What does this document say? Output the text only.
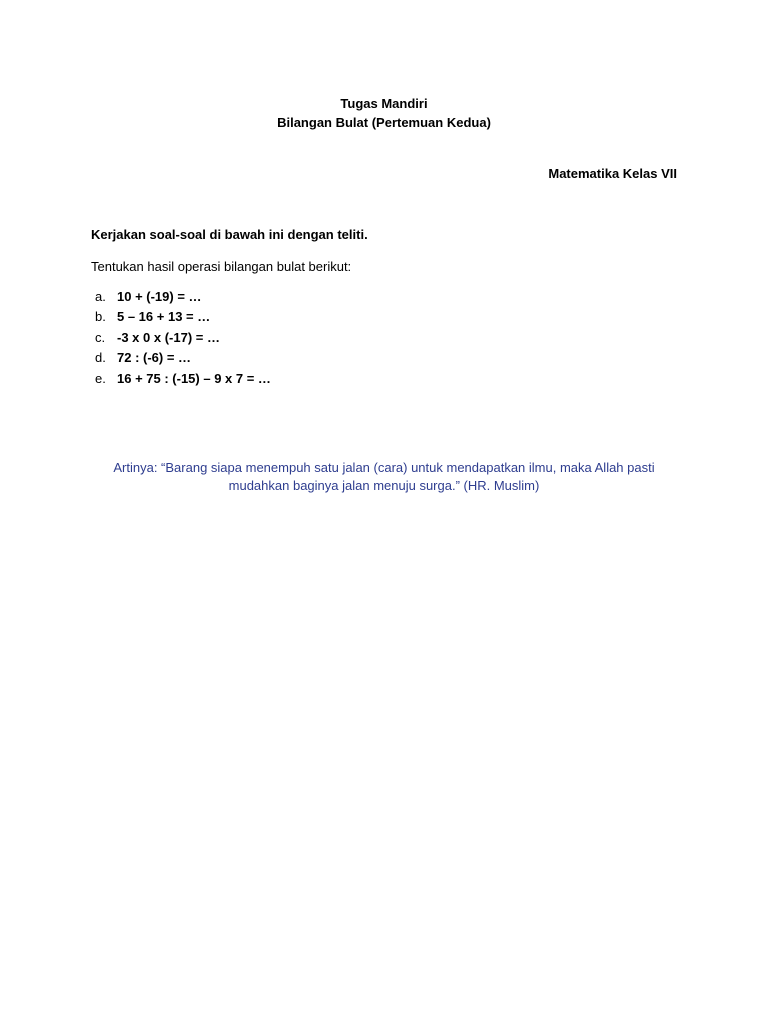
Tugas Mandiri
Bilangan Bulat (Pertemuan Kedua)
Matematika Kelas VII
Kerjakan soal-soal di bawah ini dengan teliti.
Tentukan hasil operasi bilangan bulat berikut:
a. 10 + (-19) = …
b. 5 – 16 + 13 = …
c. -3 x 0 x (-17) = …
d. 72 : (-6) = …
e. 16 + 75 : (-15) – 9 x 7 = …
Artinya: “Barang siapa menempuh satu jalan (cara) untuk mendapatkan ilmu, maka Allah pasti
mudahkan baginya jalan menuju surga.” (HR. Muslim)
